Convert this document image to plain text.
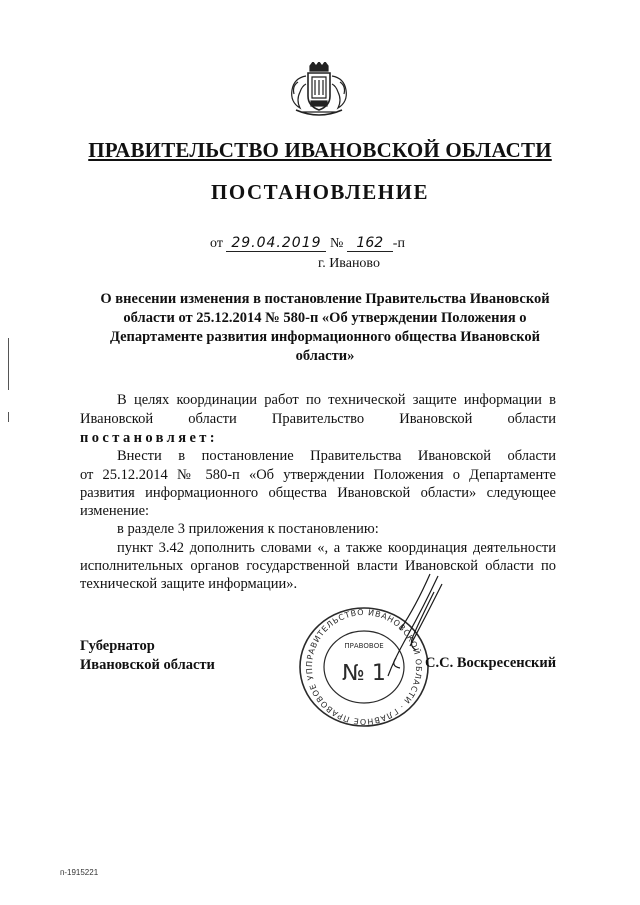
ПРАВИТЕЛЬСТВО ИВАНОВСКОЙ ОБЛАСТИ
ПОСТАНОВЛЕНИЕ
от 29.04.2019 № 162 -п
г. Иваново
О внесении изменения в постановление Правительства Ивановской области от 25.12.2014 № 580-п «Об утверждении Положения о Департаменте развития информационного общества Ивановской области»
В целях координации работ по технической защите информации в
Ивановской области Правительство Ивановской области
постановляет:
Внести в постановление Правительства Ивановской области
от 25.12.2014 № 580-п «Об утверждении Положения о Департаменте
развития информационного общества Ивановской области» следующее
изменение:
в разделе 3 приложения к постановлению:
пункт 3.42 дополнить словами «, а также координация деятельности
исполнительных органов государственной власти Ивановской области по
технической защите информации».
Губернатор
Ивановской области	ПРАВИТЕЛЬСТВО ИВАНОВСКОЙ ОБЛАСТИ · ГЛАВНОЕ ПРАВОВОЕ УП
ПРАВОВОЕ
№ 1	С.С. Воскресенский
п-1915221
